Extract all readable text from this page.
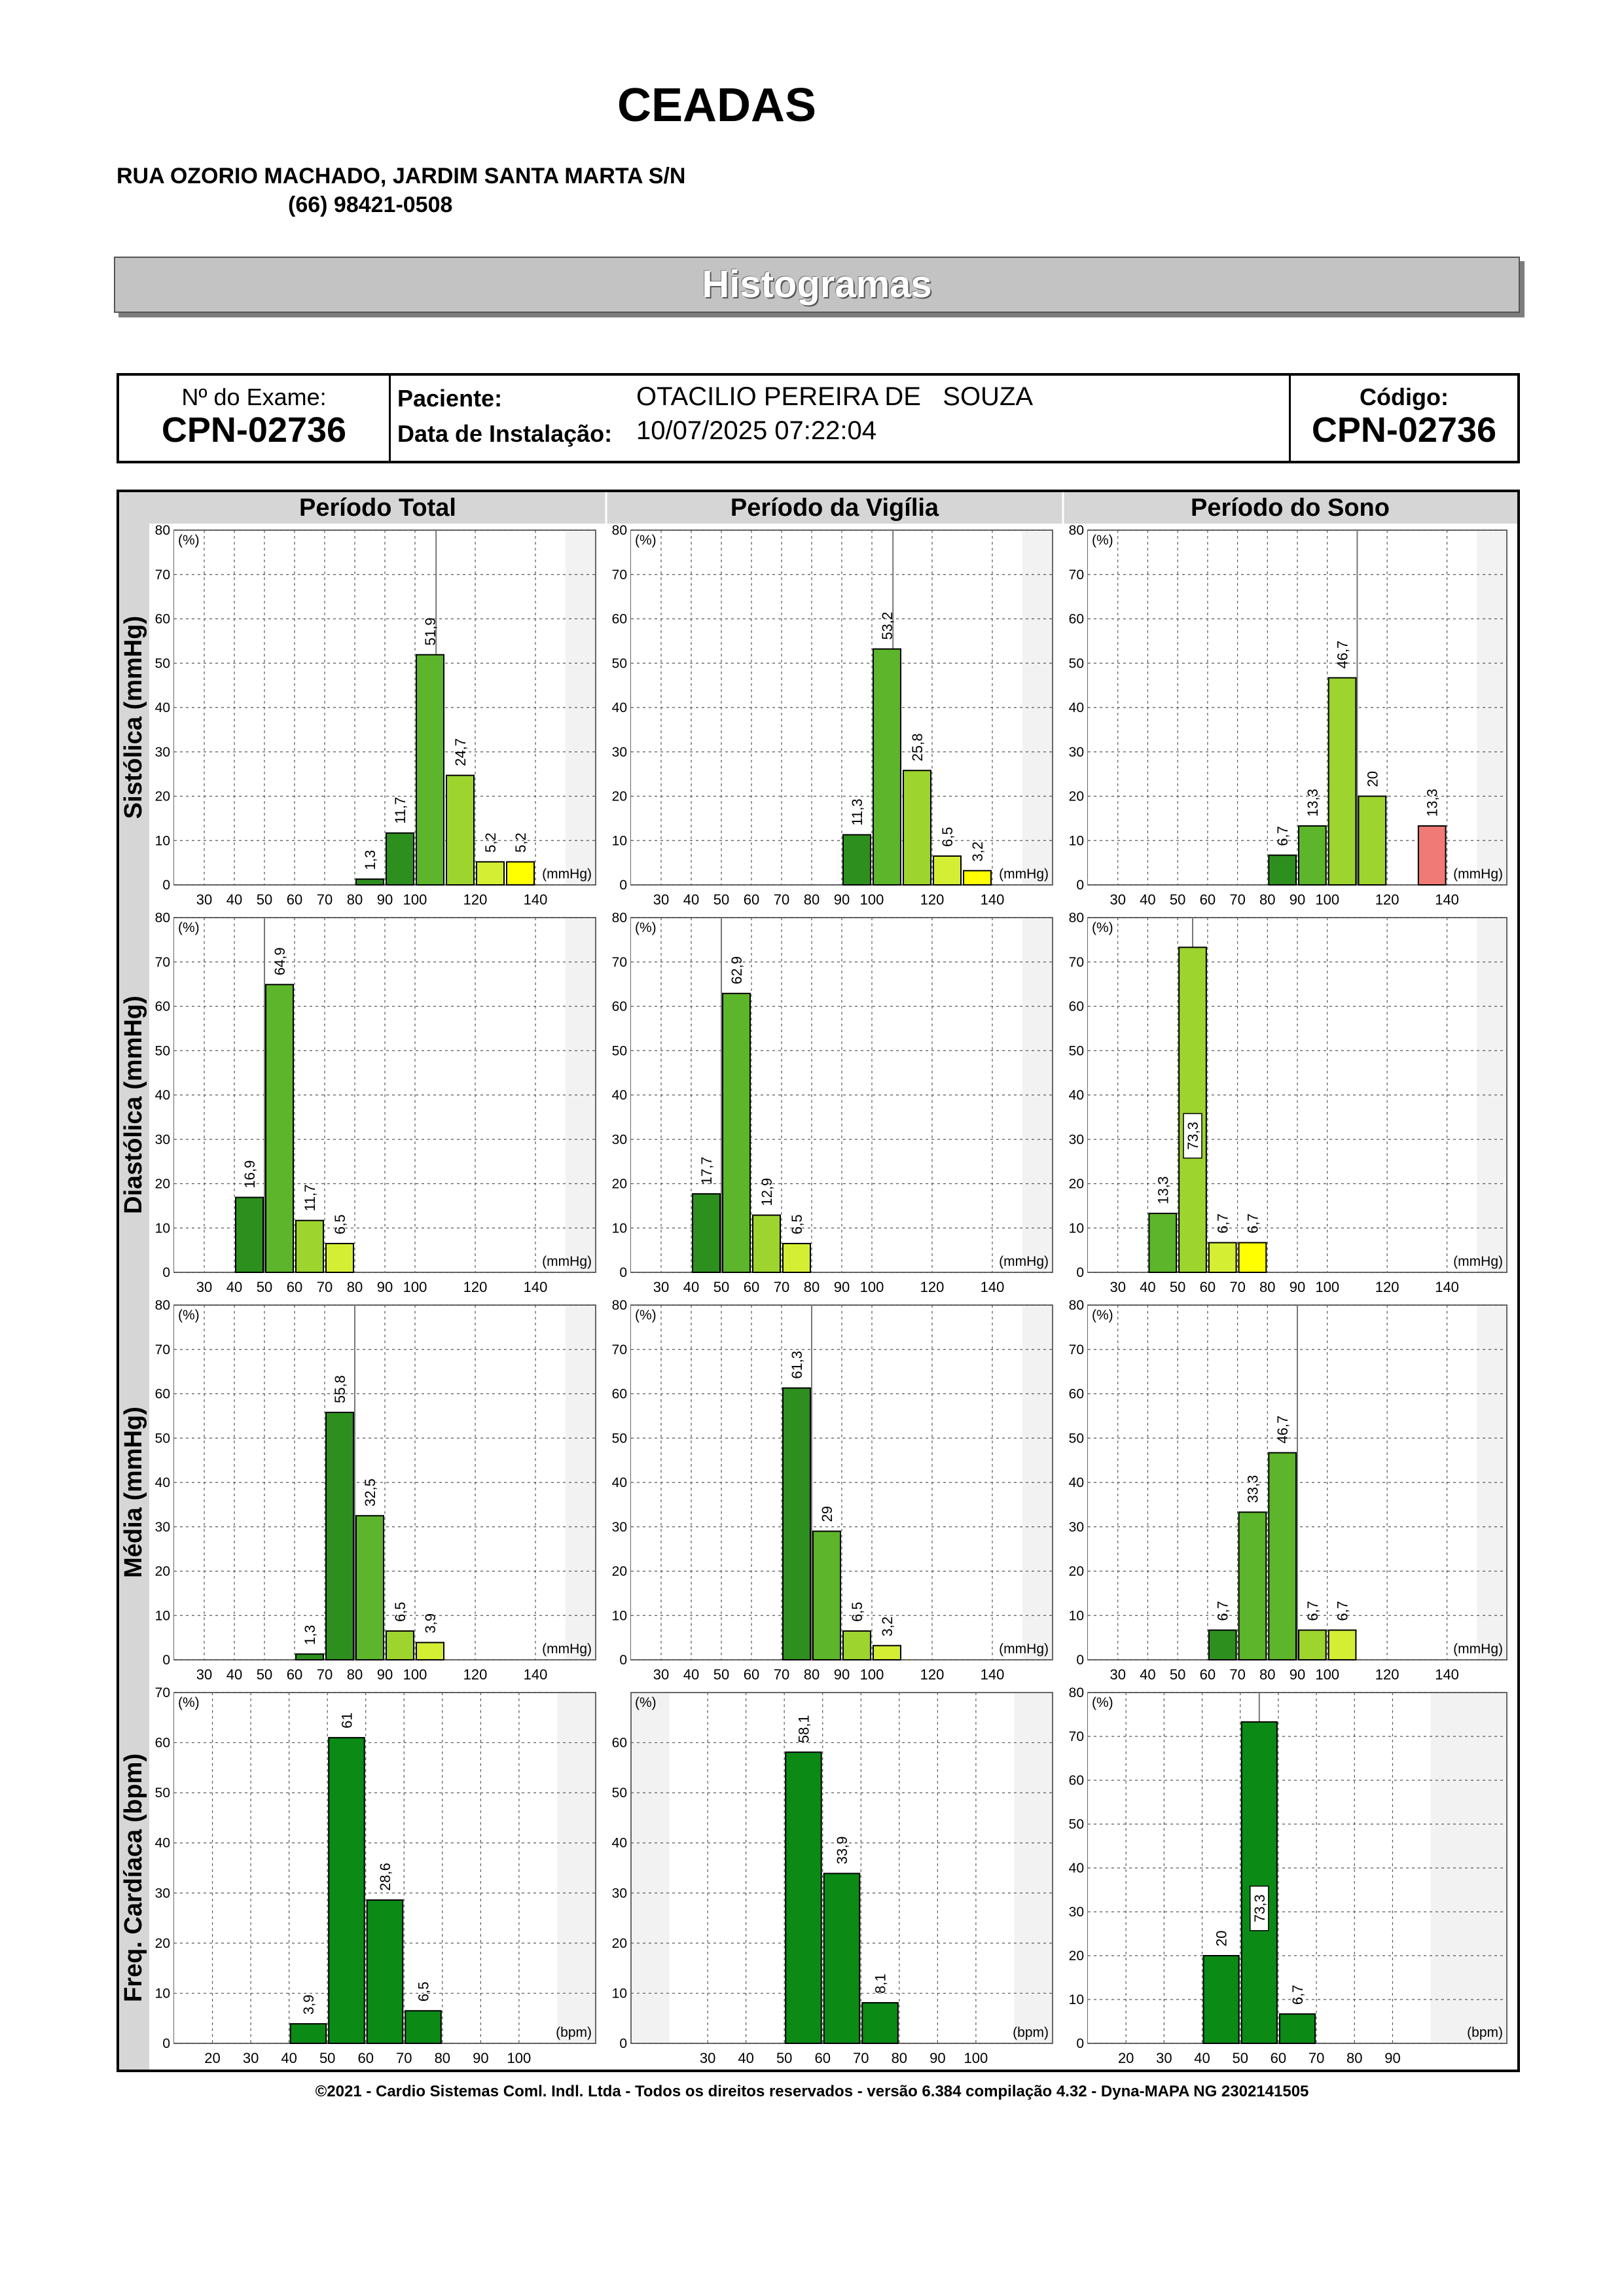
CEADAS
RUA OZORIO MACHADO, JARDIM SANTA MARTA S/N
(66) 98421-0508
Histogramas
Nº do Exame:
CPN-02736
Paciente:	OTACILIO PEREIRA DE   SOUZA
Data de Instalação: 10/07/2025 07:22:04
Código:
CPN-02736
Período Total	Período da Vigília	Período do Sono
Sistólica (mmHg)
Diastólica (mmHg)
Média (mmHg)
Freq. Cardíaca (bpm)
0
10
20
30
40
50
60
70
80
30 40 50 60 70 80 90 100	120	140
(%)
(mmHg)
1,3
11,7
51,9
24,7
5,2 5,2
0
10
20
30
40
50
60
70
80
30 40 50 60 70 80 90 100	120	140
(%)
(mmHg)
11,3
53,2
25,8
6,5
3,2
0
10
20
30
40
50
60
70
80
30 40 50 60 70 80 90 100 120 140
(%)
(mmHg)
6,7
13,3
46,7
20
13,3
0
10
20
30
40
50
60
70
80
30 40 50 60 70 80 90 100	120	140
(%)
(mmHg)
16,9
64,9
11,7
6,5
0
10
20
30
40
50
60
70
80
30 40 50 60 70 80 90 100	120	140
(%)
(mmHg)
17,7
62,9
12,9
6,5
0
10
20
30
40
50
60
70
80
30 40 50 60 70 80 90 100 120 140
(%)
(mmHg)
13,3
73,3
6,7 6,7
0
10
20
30
40
50
60
70
80
30 40 50 60 70 80 90 100	120	140
(%)
(mmHg)
1,3
55,8
32,5
6,5
3,9
0
10
20
30
40
50
60
70
80
30 40 50 60 70 80 90 100	120	140
(%)
(mmHg)
61,3
29
6,5
3,2
0
10
20
30
40
50
60
70
80
30 40 50 60 70 80 90 100 120 140
(%)
(mmHg)
6,7
33,3
46,7
6,7 6,7
0
10
20
30
40
50
60
70
20 30 40 50 60 70 80 90 100
(%)
(bpm)
3,9
61
28,6
6,5
0
10
20
30
40
50
60
30 40 50 60 70 80 90 100
(%)
(bpm)
58,1
33,9
8,1
0
10
20
30
40
50
60
70
80
20 30 40 50 60 70 80 90
(%)
(bpm)
20
73,3
6,7
©2021 - Cardio Sistemas Coml. Indl. Ltda - Todos os direitos reservados - versão 6.384 compilação 4.32 - Dyna-MAPA NG 2302141505
